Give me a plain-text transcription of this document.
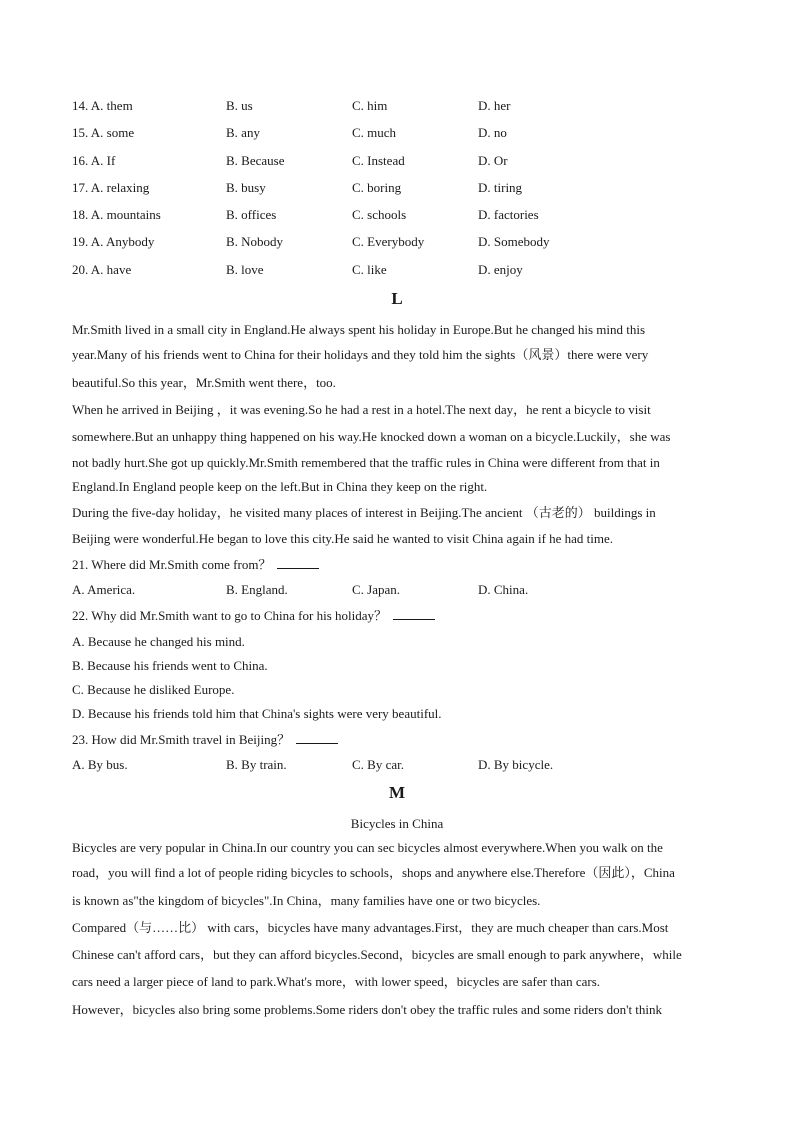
14. A. them	B. us	C. him	D. her
15. A. some	B. any	C. much	D. no
16. A. If	B. Because	C. Instead	D. Or
17. A. relaxing	B. busy	C. boring	D. tiring
18. A. mountains	B. offices	C. schools	D. factories
19. A. Anybody	B. Nobody	C. Everybody	D. Somebody
20. A. have	B. love	C. like	D. enjoy
L
Mr.Smith lived in a small city in England.He always spent his holiday in Europe.But he changed his mind this
year.Many of his friends went to China for their holidays and they told him the sights（风景）there were very
beautiful.So this year，Mr.Smith went there，too.
When he arrived in Beijing ，it was evening.So he had a rest in a hotel.The next day，he rent a bicycle to visit
somewhere.But an unhappy thing happened on his way.He knocked down a woman on a bicycle.Luckily，she was
not badly hurt.She got up quickly.Mr.Smith remembered that the traffic rules in China were different from that in
England.In England people keep on the left.But in China they keep on the right.
During the five-day holiday，he visited many places of interest in Beijing.The ancient （古老的） buildings in
Beijing were wonderful.He began to love this city.He said he wanted to visit China again if he had time.
21. Where did Mr.Smith come from？
A. America.	B. England.	C. Japan.	D. China.
22. Why did Mr.Smith want to go to China for his holiday？
A. Because he changed his mind.
B. Because his friends went to China.
C. Because he disliked Europe.
D. Because his friends told him that China's sights were very beautiful.
23. How did Mr.Smith travel in Beijing？
A. By bus.	B. By train.	C. By car.	D. By bicycle.
M
Bicycles in China
Bicycles are very popular in China.In our country you can sec bicycles almost everywhere.When you walk on the
road，you will find a lot of people riding bicycles to schools，shops and anywhere else.Therefore（因此），China
is known as"the kingdom of bicycles".In China，many families have one or two bicycles.
Compared（与……比） with cars，bicycles have many advantages.First，they are much cheaper than cars.Most
Chinese can't afford cars，but they can afford bicycles.Second，bicycles are small enough to park anywhere，while
cars need a larger piece of land to park.What's more，with lower speed，bicycles are safer than cars.
However，bicycles also bring some problems.Some riders don't obey the traffic rules and some riders don't think
